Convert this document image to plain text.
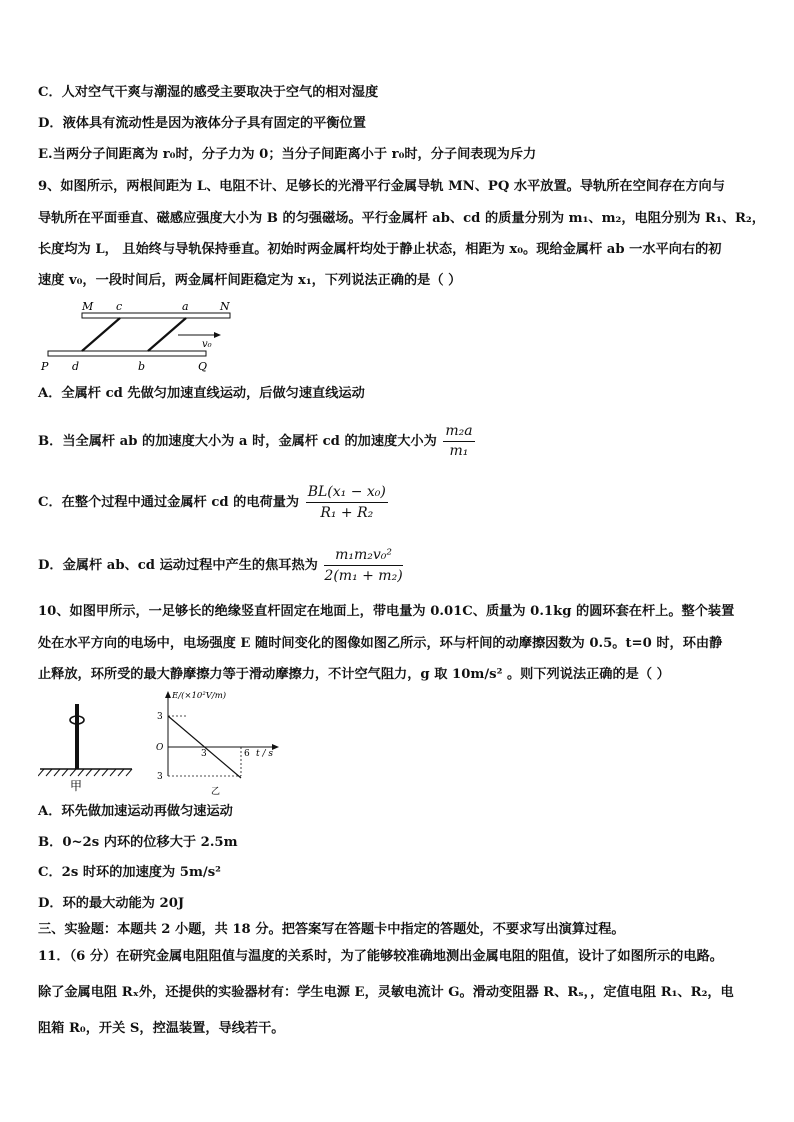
C．人对空气干爽与潮湿的感受主要取决于空气的相对湿度
D．液体具有流动性是因为液体分子具有固定的平衡位置
E.当两分子间距离为 r₀时，分子力为 0；当分子间距离小于 r₀时，分子间表现为斥力
9、如图所示，两根间距为 L、电阻不计、足够长的光滑平行金属导轨 MN、PQ 水平放置。导轨所在空间存在方向与
导轨所在平面垂直、磁感应强度大小为 B 的匀强磁场。平行金属杆 ab、cd 的质量分别为 m₁、m₂，电阻分别为 R₁、R₂，
长度均为 L， 且始终与导轨保持垂直。初始时两金属杆均处于静止状态，相距为 x₀。现给金属杆 ab 一水平向右的初
速度 v₀，一段时间后，两金属杆间距稳定为 x₁，下列说法正确的是（ ）
M c	a	N
v₀
P d	b	Q
A．全属杆 cd 先做匀加速直线运动，后做匀速直线运动
B．当全属杆 ab 的加速度大小为 a 时，金属杆 cd 的加速度大小为 $\frac{\text{m₂a}}{\text{m₁}}$
C．在整个过程中通过金属杆 cd 的电荷量为 $\frac{\text{BL(x₁ − x₀)}}{\text{R₁ + R₂}}$
D．金属杆 ab、cd 运动过程中产生的焦耳热为 $\frac{\text{m₁m₂v₀²}}{\text{2(m₁ + m₂)}}$
10、如图甲所示，一足够长的绝缘竖直杆固定在地面上，带电量为 0.01C、质量为 0.1kg 的圆环套在杆上。整个装置
处在水平方向的电场中，电场强度 E 随时间变化的图像如图乙所示，环与杆间的动摩擦因数为 0.5。t=0 时，环由静
止释放，环所受的最大静摩擦力等于滑动摩擦力，不计空气阻力，g 取 10m/s² 。则下列说法正确的是（ ）
甲
E/(×10²V/m)
3
O
3	6 t / s
3
乙
A．环先做加速运动再做匀速运动
B．0~2s 内环的位移大于 2.5m
C．2s 时环的加速度为 5m/s²
D．环的最大动能为 20J
三、实验题：本题共 2 小题，共 18 分。把答案写在答题卡中指定的答题处，不要求写出演算过程。
11．（6 分）在研究金属电阻阻值与温度的关系时，为了能够较准确地测出金属电阻的阻值，设计了如图所示的电路。
除了金属电阻 Rₓ外，还提供的实验器材有：学生电源 E，灵敏电流计 G。滑动变阻器 R、Rₛ，，定值电阻 R₁、R₂，电
阻箱 R₀，开关 S，控温装置，导线若干。
